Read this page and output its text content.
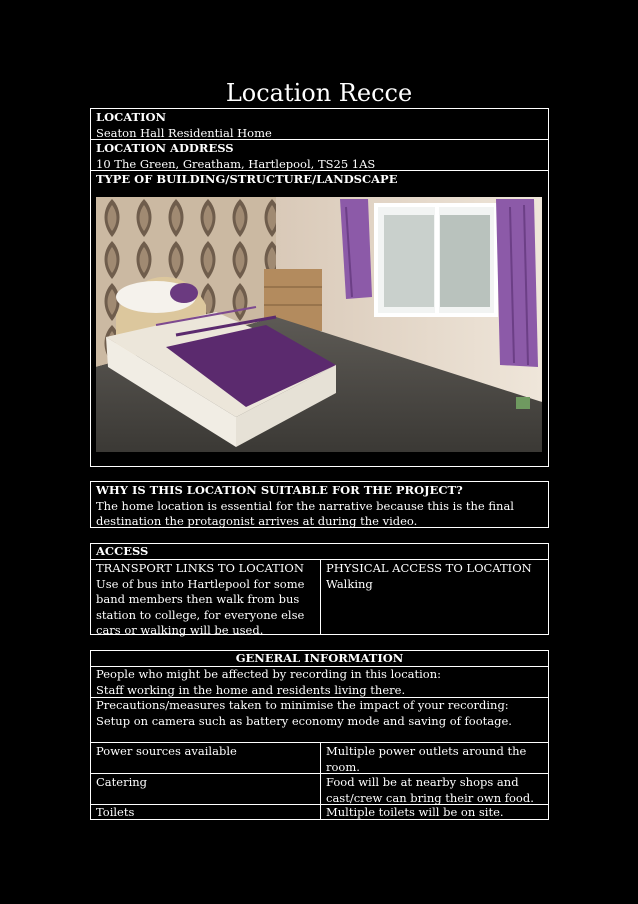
Location Recce
LOCATION
Seaton Hall Residential Home
LOCATION ADDRESS
10 The Green, Greatham, Hartlepool, TS25 1AS
TYPE OF BUILDING/STRUCTURE/LANDSCAPE
WHY IS THIS LOCATION SUITABLE FOR THE PROJECT?
The home location is essential for the narrative because this is the final
destination the protagonist arrives at during the video.
ACCESS
TRANSPORT LINKS TO LOCATION
Use of bus into Hartlepool for some
band members then walk from bus
station to college, for everyone else
cars or walking will be used.
PHYSICAL ACCESS TO LOCATION
Walking
GENERAL INFORMATION
People who might be affected by recording in this location:
Staff working in the home and residents living there.
Precautions/measures taken to minimise the impact of your recording:
Setup on camera such as battery economy mode and saving of footage.
Power sources available	Multiple power outlets around the
room.
Catering	Food will be at nearby shops and
cast/crew can bring their own food.
Toilets	Multiple toilets will be on site.
